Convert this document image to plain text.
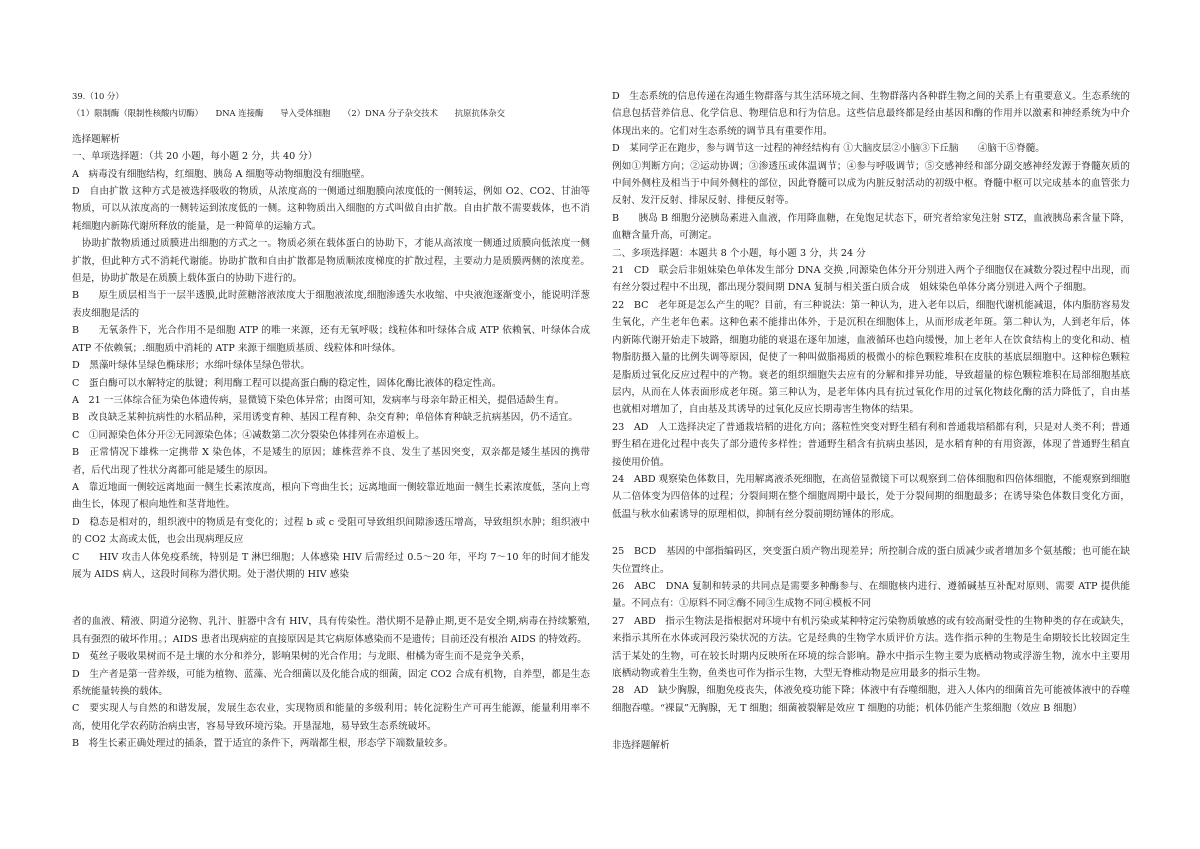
39.（10 分）

（1）限制酶（限制性核酸内切酶）　　DNA 连接酶　　导入受体细胞　　（2）DNA 分子杂交技术　　抗原抗体杂交

选择题解析

一、单项选择题：（共 20 小题，每小题 2 分，共 40 分）

A　病毒没有细胞结构，红细胞、胰岛 A 细胞等动物细胞没有细胞壁。

D　自由扩散 这种方式是被选择吸收的物质，从浓度高的一侧通过细胞膜向浓度低的一侧转运，例如 O2、CO2、甘油等物质，可以从浓度高的一侧转运到浓度低的一侧。这种物质出入细胞的方式叫做自由扩散。自由扩散不需要载体，也不消耗细胞内新陈代谢所释放的能量，是一种简单的运输方式。

　协助扩散物质通过质膜进出细胞的方式之一。物质必须在载体蛋白的协助下，才能从高浓度一侧通过质膜向低浓度一侧扩散，但此种方式不消耗代谢能。协助扩散和自由扩散都是物质顺浓度梯度的扩散过程，主要动力是质膜两侧的浓度差。但是，协助扩散是在质膜上载体蛋白的协助下进行的。

B　　原生质层相当于一层半透膜,此时蔗糖溶液浓度大于细胞液浓度,细胞渗透失水收缩、中央液泡逐渐变小，能说明洋葱表皮细胞是活的

B　　无氧条件下，光合作用不是细胞 ATP 的唯一来源，还有无氧呼吸；线粒体和叶绿体合成 ATP 依赖氧、叶绿体合成 ATP 不依赖氧；.细胞质中消耗的 ATP 来源于细胞质基质、线粒体和叶绿体。

D　黑藻叶绿体呈绿色椭球形；水绵叶绿体呈绿色带状。

C　蛋白酶可以水解特定的肽键；利用酶工程可以提高蛋白酶的稳定性，固体化酶比液体的稳定性高。

A　21 一三体综合征为染色体遗传病，显微镜下染色体异常；由图可知，发病率与母亲年龄正相关，提倡适龄生育。

B　改良缺乏某种抗病性的水稻品种，采用诱变育种、基因工程育种、杂交育种；单倍体育种缺乏抗病基因，仍不适宜。

C　①同源染色体分开②无同源染色体；④减数第二次分裂染色体排列在赤道板上。

B　正常情况下雄株一定携带 X 染色体，不是矮生的原因；雄株营养不良、发生了基因突变，双亲都是矮生基因的携带者，后代出现了性状分离都可能是矮生的原因。

A　靠近地面一侧较远离地面一侧生长素浓度高，根向下弯曲生长；远离地面一侧较靠近地面一侧生长素浓度低，茎向上弯曲生长，体现了根向地性和茎背地性。

D　稳态是相对的，组织液中的物质是有变化的；过程 b 或 c 受阻可导致组织间隙渗透压增高，导致组织水肿；组织液中的 CO2 太高或太低，也会出现病理反应

C　　HIV 攻击人体免疫系统，特别是 T 淋巴细胞；人体感染 HIV 后需经过 0.5～20 年，平均 7～10 年的时间才能发展为 AIDS 病人，这段时间称为潜伏期。处于潜伏期的 HIV 感染

者的血液、精液、阴道分泌物、乳汁、脏器中含有 HIV，具有传染性。潜伏期不是静止期,更不是安全期,病毒在持续繁殖,具有强烈的破坏作用。；AIDS 患者出现病症的直接原因是其它病原体感染而不是遗传；目前还没有根治 AIDS 的特效药。

D　菟丝子吸收果树而不是土壤的水分和养分，影响果树的光合作用；与龙眼、柑橘为寄生而不是竞争关系，

D　生产者是第一营养级，可能为植物、蓝藻、光合细菌以及化能合成的细菌，固定 CO2 合成有机物，自养型，都是生态系统能量转换的载体。

C　要实现人与自然的和谐发展，发展生态农业，实现物质和能量的多级利用；转化淀粉生产可再生能源，能量利用率不高，使用化学农药防治病虫害，容易导致环境污染。开垦湿地，易导致生态系统破坏。

B　将生长素正确处理过的插条，置于适宜的条件下，两端都生根，形态学下端数量较多。

D　生态系统的信息传递在沟通生物群落与其生活环境之间、生物群落内各种群生物之间的关系上有重要意义。生态系统的信息包括营养信息、化学信息、物理信息和行为信息。这些信息最终都是经由基因和酶的作用并以激素和神经系统为中介体现出来的。它们对生态系统的调节具有重要作用。

D　某同学正在跑步，参与调节这一过程的神经结构有 ①大脑皮层②小脑③下丘脑　　④脑干⑤脊髓。

例如①判断方向；②运动协调；③渗透压或体温调节；④参与呼吸调节；⑤交感神经和部分副交感神经发源于脊髓灰质的中间外侧柱及相当于中间外侧柱的部位，因此脊髓可以成为内脏反射活动的初级中枢。脊髓中枢可以完成基本的血管张力反射、发汗反射、排尿反射、排便反射等。

B　　胰岛 B 细胞分泌胰岛素进入血液，作用降血糖，在兔饱足状态下，研究者给家兔注射 STZ，血液胰岛素含量下降，血糖含量升高，可测定。

二、多项选择题：本题共 8 个小题，每小题 3 分，共 24 分

21　CD　联会后非姐妹染色单体发生部分 DNA 交换 ,同源染色体分开分别进入两个子细胞仅在减数分裂过程中出现，而有丝分裂过程中不出现，都出现分裂间期 DNA 复制与相关蛋白质合成　姐妹染色单体分离分别进入两个子细胞。

22　BC　老年斑是怎么产生的呢？目前，有三种说法：第一种认为，进入老年以后，细胞代谢机能减退，体内脂肪容易发生氧化，产生老年色素。这种色素不能排出体外，于是沉积在细胞体上，从而形成老年斑。第二种认为，人到老年后，体内新陈代谢开始走下坡路，细胞功能的衰退在逐年加速，血液循环也趋向缓慢，加上老年人在饮食结构上的变化和动、植物脂肪摄入量的比例失调等原因，促使了一种叫做脂褐质的极微小的棕色颗粒堆积在皮肤的基底层细胞中。这种棕色颗粒是脂质过氧化反应过程中的产物。衰老的组织细胞失去应有的分解和排异功能，导致超量的棕色颗粒堆积在局部细胞基底层内，从而在人体表面形成老年斑。第三种认为，是老年体内具有抗过氧化作用的过氧化物歧化酶的活力降低了，自由基也就相对增加了，自由基及其诱导的过氧化反应长期毒害生物体的结果。

23　AD　人工选择决定了普通栽培稻的进化方向；落粒性突变对野生稻有利和普通栽培稻都有利，只是对人类不利；普通野生稻在进化过程中丧失了部分遗传多样性；普通野生稻含有抗病虫基因，是水稻育种的有用资源，体现了普通野生稻直接使用价值。

24　ABD 观察染色体数目，先用解离液杀死细胞，在高倍显微镜下可以观察到二倍体细胞和四倍体细胞，不能观察到细胞从二倍体变为四倍体的过程；分裂间期在整个细胞周期中最长，处于分裂间期的细胞最多；在诱导染色体数目变化方面，低温与秋水仙素诱导的原理相似，抑制有丝分裂前期纺锤体的形成。

25　BCD　基因的中部指编码区，突变蛋白质产物出现差异；所控制合成的蛋白质减少或者增加多个氨基酸；也可能在缺失位置终止。

26　ABC　DNA 复制和转录的共同点是需要多种酶参与、在细胞核内进行、遵循碱基互补配对原则、需要 ATP 提供能量。不同点有：①原料不同②酶不同③生成物不同④模板不同

27　ABD　指示生物法是指根据对环境中有机污染或某种特定污染物质敏感的或有较高耐受性的生物种类的存在或缺失，来指示其所在水体或河段污染状况的方法。它是经典的生物学水质评价方法。选作指示种的生物是生命期较长比较固定生活于某处的生物，可在较长时期内反映所在环境的综合影响。静水中指示生物主要为底栖动物或浮游生物，流水中主要用底栖动物或着生生物，鱼类也可作为指示生物，大型无脊椎动物是应用最多的指示生物。

28　AD　缺少胸腺，细胞免疫丧失，体液免疫功能下降；体液中有吞噬细胞，进入人体内的细菌首先可能被体液中的吞噬细胞吞噬。“裸鼠”无胸腺，无 T 细胞；细菌被裂解是效应 T 细胞的功能；机体仍能产生浆细胞（效应 B 细胞）

非选择题解析
